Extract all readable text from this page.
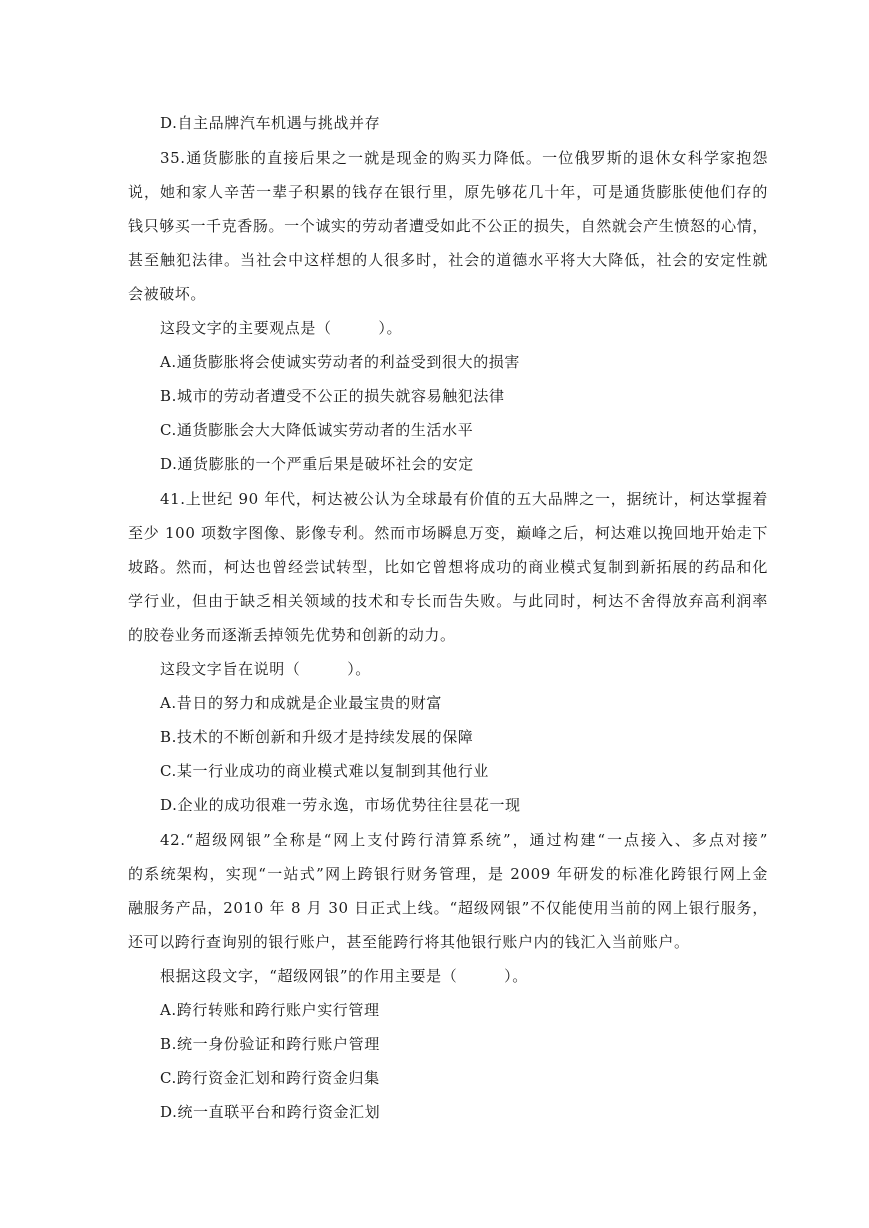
D.自主品牌汽车机遇与挑战并存
35.通货膨胀的直接后果之一就是现金的购买力降低。一位俄罗斯的退休女科学家抱怨
说，她和家人辛苦一辈子积累的钱存在银行里，原先够花几十年，可是通货膨胀使他们存的
钱只够买一千克香肠。一个诚实的劳动者遭受如此不公正的损失，自然就会产生愤怒的心情，
甚至触犯法律。当社会中这样想的人很多时，社会的道德水平将大大降低，社会的安定性就
会被破坏。
这段文字的主要观点是（　　　）。
A.通货膨胀将会使诚实劳动者的利益受到很大的损害
B.城市的劳动者遭受不公正的损失就容易触犯法律
C.通货膨胀会大大降低诚实劳动者的生活水平
D.通货膨胀的一个严重后果是破坏社会的安定
41.上世纪 90 年代，柯达被公认为全球最有价值的五大品牌之一，据统计，柯达掌握着
至少 100 项数字图像、影像专利。然而市场瞬息万变，巅峰之后，柯达难以挽回地开始走下
坡路。然而，柯达也曾经尝试转型，比如它曾想将成功的商业模式复制到新拓展的药品和化
学行业，但由于缺乏相关领域的技术和专长而告失败。与此同时，柯达不舍得放弃高利润率
的胶卷业务而逐渐丢掉领先优势和创新的动力。
这段文字旨在说明（　　　）。
A.昔日的努力和成就是企业最宝贵的财富
B.技术的不断创新和升级才是持续发展的保障
C.某一行业成功的商业模式难以复制到其他行业
D.企业的成功很难一劳永逸，市场优势往往昙花一现
42.“超级网银”全称是“网上支付跨行清算系统”，通过构建“一点接入、多点对接”
的系统架构，实现“一站式”网上跨银行财务管理，是 2009 年研发的标准化跨银行网上金
融服务产品，2010 年 8 月 30 日正式上线。“超级网银”不仅能使用当前的网上银行服务，
还可以跨行查询别的银行账户，甚至能跨行将其他银行账户内的钱汇入当前账户。
根据这段文字，“超级网银”的作用主要是（　　　）。
A.跨行转账和跨行账户实行管理
B.统一身份验证和跨行账户管理
C.跨行资金汇划和跨行资金归集
D.统一直联平台和跨行资金汇划
